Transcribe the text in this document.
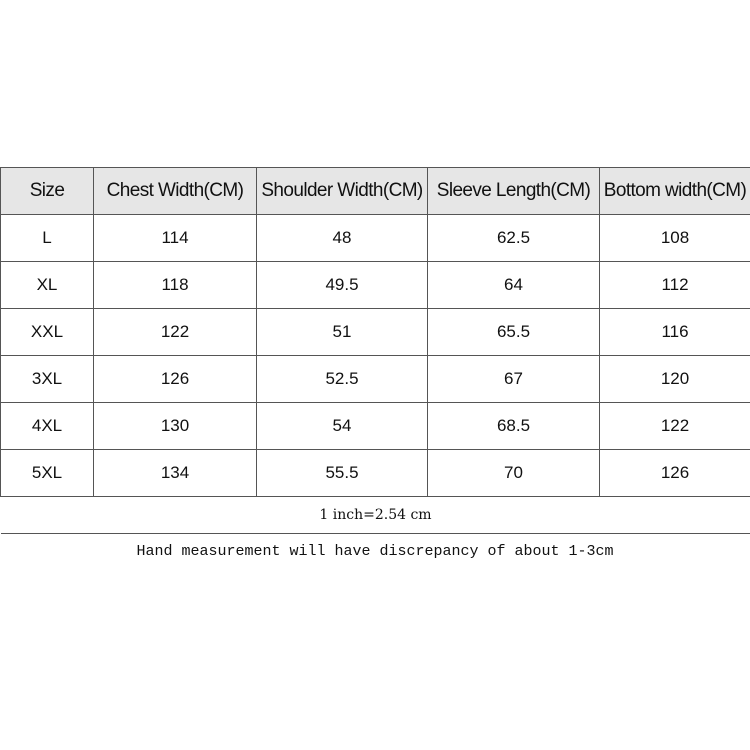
Size	Chest Width(CM)	Shoulder Width(CM)	Sleeve Length(CM)	Bottom width(CM)
L	114	48	62.5	108
XL	118	49.5	64	112
XXL	122	51	65.5	116
3XL	126	52.5	67	120
4XL	130	54	68.5	122
5XL	134	55.5	70	126
1 inch=2.54 cm				
Hand measurement will have discrepancy of about 1-3cm
